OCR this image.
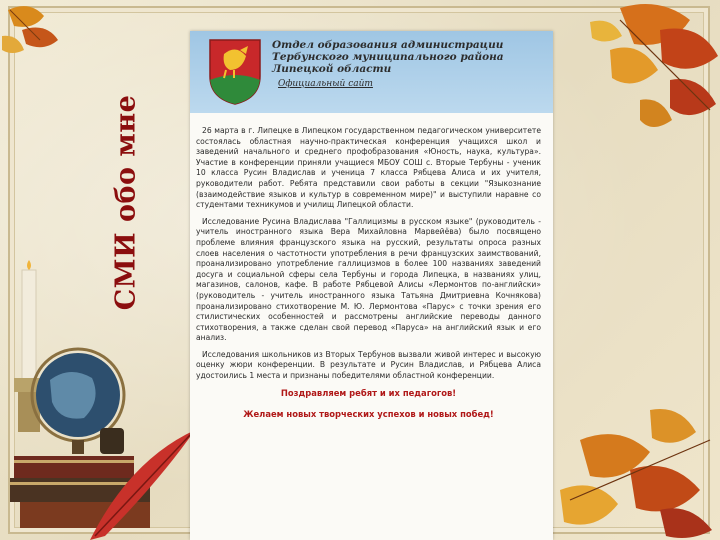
СМИ обо мне
Отдел образования администрации
Тербунского муниципального района
Липецкой области
Официальный сайт

26 марта в г. Липецке в Липецком государственном педагогическом университете состоялась областная научно-практическая конференция учащихся школ и заведений начального и среднего профобразования «Юность, наука, культура». Участие в конференции приняли учащиеся МБОУ СОШ с. Вторые Тербуны - ученик 10 класса Русин Владислав и ученица 7 класса Рябцева Алиса и их учителя, руководители работ. Ребята представили свои работы в секции "Языкознание (взаимодействие языков и культур в современном мире)" и выступили наравне со студентами техникумов и училищ Липецкой области.

Исследование Русина Владислава "Галлицизмы в русском языке" (руководитель - учитель иностранного языка Вера Михайловна Марвейёва) было посвящено проблеме влияния французского языка на русский, результаты опроса разных слоев населения о частотности употребления в речи французских заимствований, проанализировано употребление галлицизмов в более 100 названиях заведений досуга и социальной сферы села Тербуны и города Липецка, в названиях улиц, магазинов, салонов, кафе. В работе Рябцевой Алисы «Лермонтов по-английски» (руководитель - учитель иностранного языка Татьяна Дмитриевна Кочнякова) проанализировано стихотворение М. Ю. Лермонтова «Парус» с точки зрения его стилистических особенностей и рассмотрены английские переводы данного стихотворения, а также сделан свой перевод «Паруса» на английский язык и его анализ.

Исследования школьников из Вторых Тербунов вызвали живой интерес и высокую оценку жюри конференции. В результате и Русин Владислав, и Рябцева Алиса удостоились 1 места и признаны победителями областной конференции.

Поздравляем ребят и их педагогов!

Желаем новых творческих успехов и новых побед!
